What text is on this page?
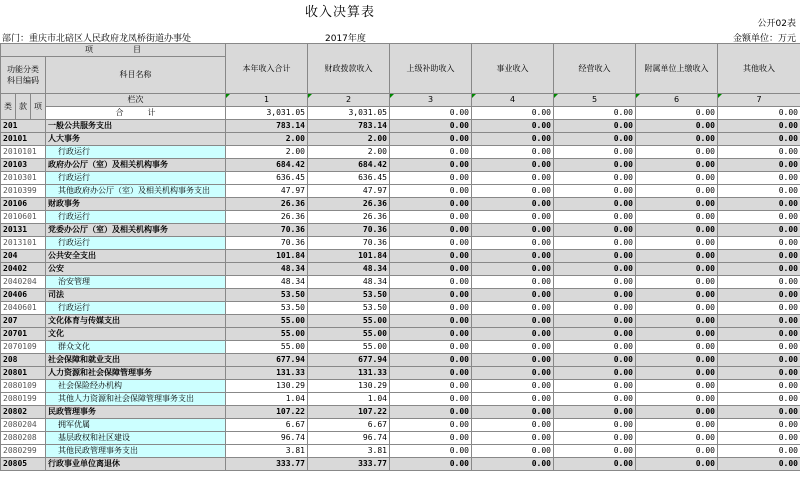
收入决算表
公开02表
部门：重庆市北碚区人民政府龙凤桥街道办事处	2017年度	金额单位：万元
项　　　　　目				本年收入合计	财政拨款收入	上级补助收入	事业收入	经营收入	附属单位上缴收入	其他收入
功能分类
科目编码			科目名称							

类	款	项	栏次	1	2	3	4	5	6	7
			合　　　计	3,031.05	3,031.05	0.00	0.00	0.00	0.00	0.00
201			一般公共服务支出	783.14	783.14	0.00	0.00	0.00	0.00	0.00
20101			人大事务	2.00	2.00	0.00	0.00	0.00	0.00	0.00
2010101			行政运行	2.00	2.00	0.00	0.00	0.00	0.00	0.00
20103			政府办公厅（室）及相关机构事务	684.42	684.42	0.00	0.00	0.00	0.00	0.00
2010301			行政运行	636.45	636.45	0.00	0.00	0.00	0.00	0.00
2010399			其他政府办公厅（室）及相关机构事务支出	47.97	47.97	0.00	0.00	0.00	0.00	0.00
20106			财政事务	26.36	26.36	0.00	0.00	0.00	0.00	0.00
2010601			行政运行	26.36	26.36	0.00	0.00	0.00	0.00	0.00
20131			党委办公厅（室）及相关机构事务	70.36	70.36	0.00	0.00	0.00	0.00	0.00
2013101			行政运行	70.36	70.36	0.00	0.00	0.00	0.00	0.00
204			公共安全支出	101.84	101.84	0.00	0.00	0.00	0.00	0.00
20402			公安	48.34	48.34	0.00	0.00	0.00	0.00	0.00
2040204			治安管理	48.34	48.34	0.00	0.00	0.00	0.00	0.00
20406			司法	53.50	53.50	0.00	0.00	0.00	0.00	0.00
2040601			行政运行	53.50	53.50	0.00	0.00	0.00	0.00	0.00
207			文化体育与传媒支出	55.00	55.00	0.00	0.00	0.00	0.00	0.00
20701			文化	55.00	55.00	0.00	0.00	0.00	0.00	0.00
2070109			群众文化	55.00	55.00	0.00	0.00	0.00	0.00	0.00
208			社会保障和就业支出	677.94	677.94	0.00	0.00	0.00	0.00	0.00
20801			人力资源和社会保障管理事务	131.33	131.33	0.00	0.00	0.00	0.00	0.00
2080109			社会保险经办机构	130.29	130.29	0.00	0.00	0.00	0.00	0.00
2080199			其他人力资源和社会保障管理事务支出	1.04	1.04	0.00	0.00	0.00	0.00	0.00
20802			民政管理事务	107.22	107.22	0.00	0.00	0.00	0.00	0.00
2080204			拥军优属	6.67	6.67	0.00	0.00	0.00	0.00	0.00
2080208			基层政权和社区建设	96.74	96.74	0.00	0.00	0.00	0.00	0.00
2080299			其他民政管理事务支出	3.81	3.81	0.00	0.00	0.00	0.00	0.00
20805			行政事业单位离退休	333.77	333.77	0.00	0.00	0.00	0.00	0.00
